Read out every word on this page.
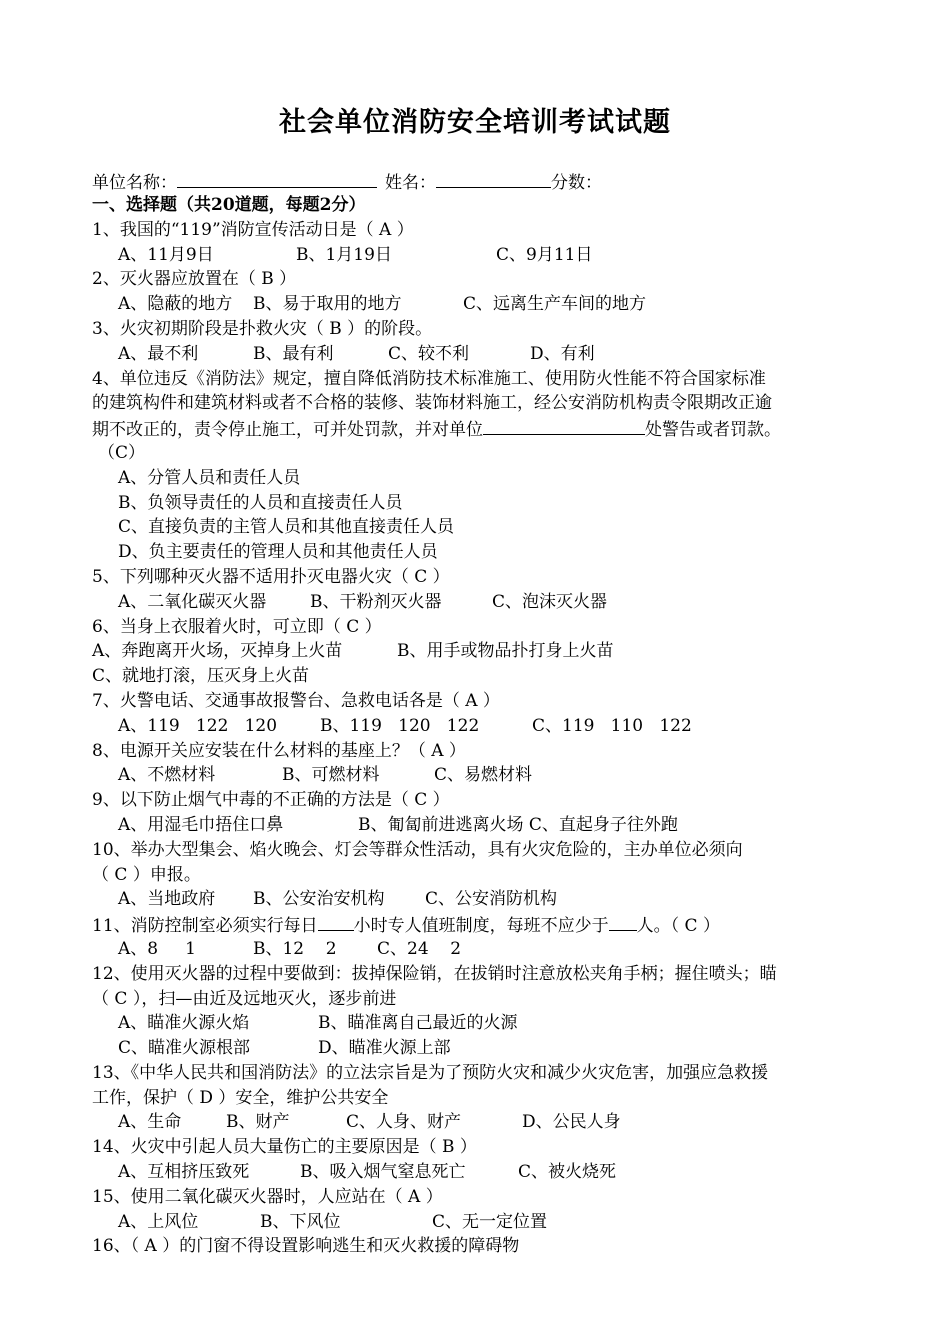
社会单位消防安全培训考试试题
单位名称：	姓名：	分数：
一、选择题（共20道题，每题2分）
1、我国的“119”消防宣传活动日是（ A ）
A、11月9日	B、1月19日	C、9月11日
2、灭火器应放置在（ B ）
A、隐蔽的地方 B、易于取用的地方	C、远离生产车间的地方
3、火灾初期阶段是扑救火灾（ B ）的阶段。
A、最不利	B、最有利	C、较不利	D、有利
4、单位违反《消防法》规定，擅自降低消防技术标准施工、使用防火性能不符合国家标准
的建筑构件和建筑材料或者不合格的装修、装饰材料施工，经公安消防机构责令限期改正逾
期不改正的，责令停止施工，可并处罚款，并对单位	处警告或者罚款。
（C）
A、分管人员和责任人员
B、负领导责任的人员和直接责任人员
C、直接负责的主管人员和其他直接责任人员
D、负主要责任的管理人员和其他责任人员
5、下列哪种灭火器不适用扑灭电器火灾（ C ）
A、二氧化碳灭火器	B、干粉剂灭火器	C、泡沫灭火器
6、当身上衣服着火时，可立即（ C ）
A、奔跑离开火场，灭掉身上火苗	B、用手或物品扑打身上火苗
C、就地打滚，压灭身上火苗
7、火警电话、交通事故报警台、急救电话各是（ A ）
A、119   122   120	B、119   120   122	C、119   110   122
8、电源开关应安装在什么材料的基座上？（ A ）
A、不燃材料	B、可燃材料	C、易燃材料
9、以下防止烟气中毒的不正确的方法是（ C ）
A、用湿毛巾捂住口鼻	B、匍匐前进逃离火场 C、直起身子往外跑
10、举办大型集会、焰火晚会、灯会等群众性活动，具有火灾危险的，主办单位必须向
（ C ）申报。
A、当地政府 B、公安治安机构 C、公安消防机构
11、消防控制室必须实行每日 小时专人值班制度，每班不应少于 人。（ C ）
A、8     1	B、12    2 C、24    2
12、使用灭火器的过程中要做到：拔掉保险销，在拔销时注意放松夹角手柄；握住喷头；瞄
（ C ），扫—由近及远地灭火，逐步前进
A、瞄准火源火焰	B、瞄准离自己最近的火源
C、瞄准火源根部	D、瞄准火源上部
13、《中华人民共和国消防法》的立法宗旨是为了预防火灾和减少火灾危害，加强应急救援
工作，保护（ D ）安全，维护公共安全
A、生命	B、财产	C、人身、财产	D、公民人身
14、火灾中引起人员大量伤亡的主要原因是（ B ）
A、互相挤压致死	B、吸入烟气窒息死亡	C、被火烧死
15、使用二氧化碳灭火器时，人应站在（ A ）
A、上风位	B、下风位	C、无一定位置
16、（ A ）的门窗不得设置影响逃生和灭火救援的障碍物
